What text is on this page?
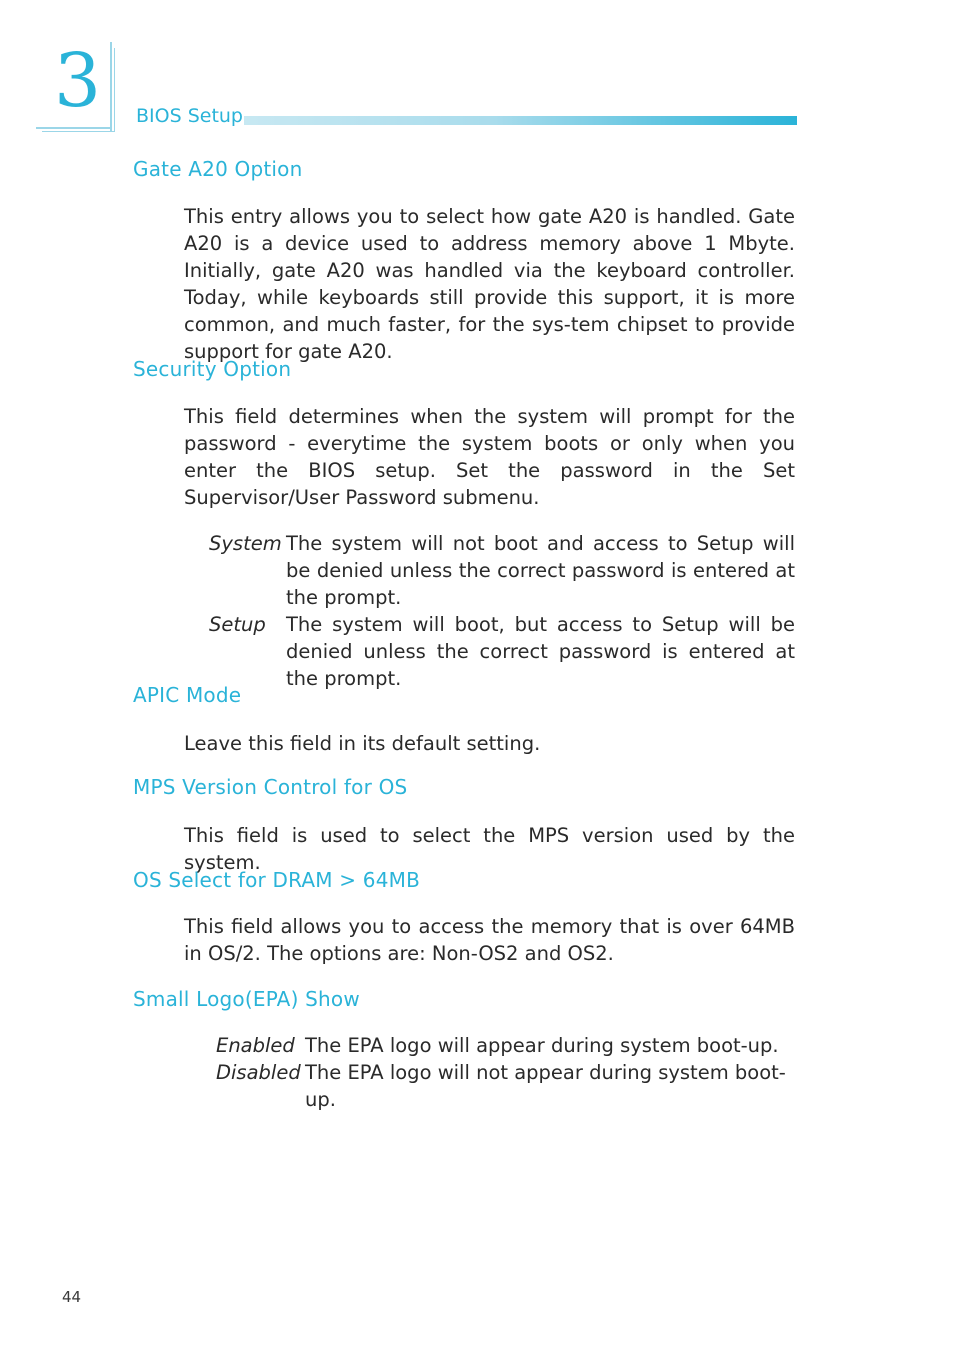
3 BIOS Setup
Gate A20 Option
This entry allows you to select how gate A20 is handled. Gate A20 is a device used to address memory above 1 Mbyte. Initially, gate A20 was handled via the keyboard controller. Today, while keyboards still provide this support, it is more common, and much faster, for the sys-tem chipset to provide support for gate A20.
Security Option
This field determines when the system will prompt for the password - everytime the system boots or only when you enter the BIOS setup. Set the password in the Set Supervisor/User Password submenu.
System The system will not boot and access to Setup will be denied unless the correct password is entered at the prompt.
Setup The system will boot, but access to Setup will be denied unless the correct password is entered at the prompt.
APIC Mode
Leave this field in its default setting.
MPS Version Control for OS
This field is used to select the MPS version used by the system.
OS Select for DRAM > 64MB
This field allows you to access the memory that is over 64MB in OS/2. The options are: Non-OS2 and OS2.
Small Logo(EPA) Show
Enabled The EPA logo will appear during system boot-up.
Disabled The EPA logo will not appear during system boot-up.
44
